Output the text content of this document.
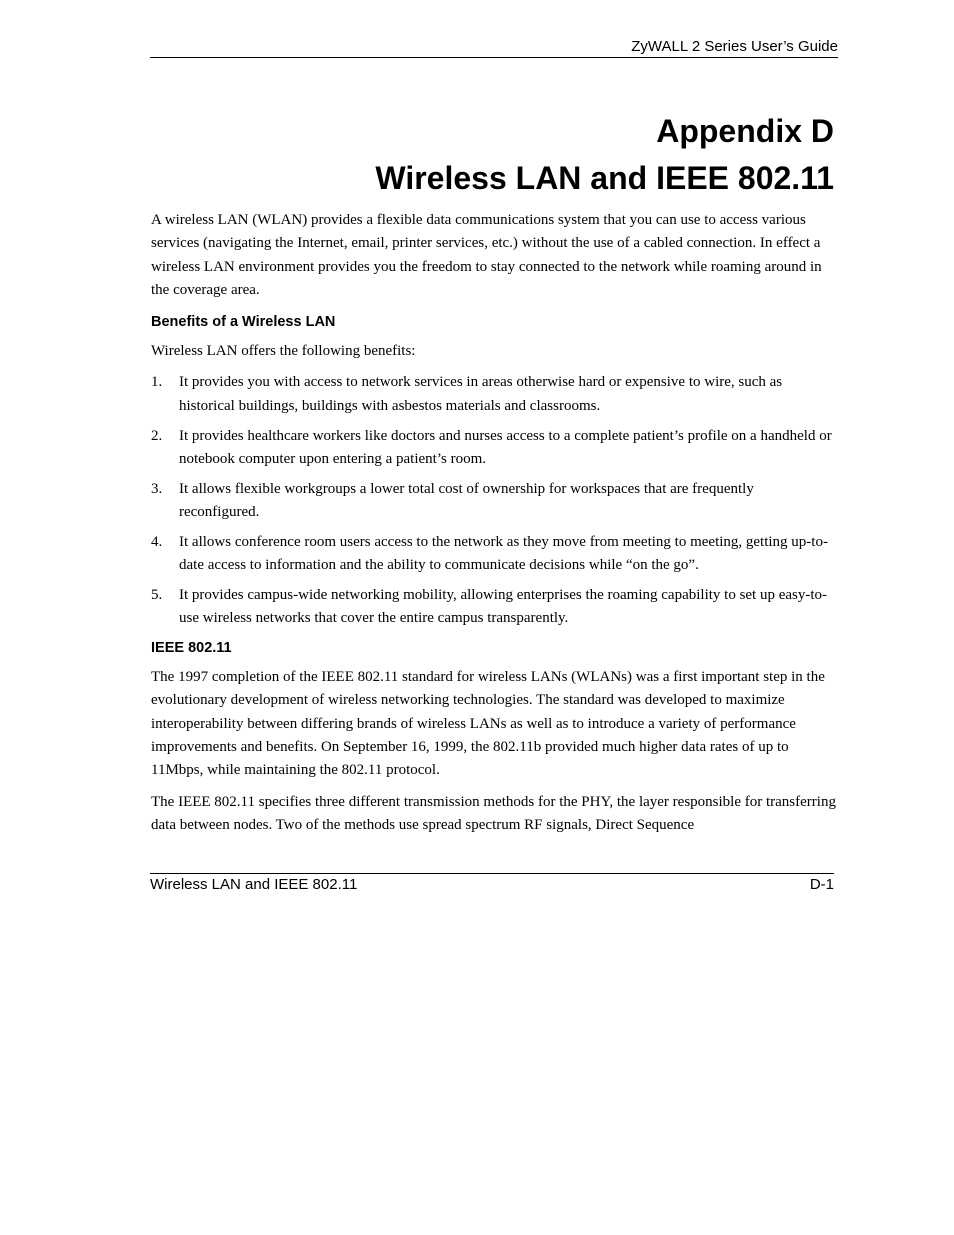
ZyWALL 2 Series User’s Guide
Appendix D
Wireless LAN and IEEE 802.11

A wireless LAN (WLAN) provides a flexible data communications system that you can use to access various services (navigating the Internet, email, printer services, etc.) without the use of a cabled connection. In effect a wireless LAN environment provides you the freedom to stay connected to the network while roaming around in the coverage area.

Benefits of a Wireless LAN

Wireless LAN offers the following benefits:

1. It provides you with access to network services in areas otherwise hard or expensive to wire, such as historical buildings, buildings with asbestos materials and classrooms.
2. It provides healthcare workers like doctors and nurses access to a complete patient’s profile on a handheld or notebook computer upon entering a patient’s room.
3. It allows flexible workgroups a lower total cost of ownership for workspaces that are frequently reconfigured.
4. It allows conference room users access to the network as they move from meeting to meeting, getting up-to-date access to information and the ability to communicate decisions while “on the go”.
5. It provides campus-wide networking mobility, allowing enterprises the roaming capability to set up easy-to-use wireless networks that cover the entire campus transparently.
IEEE 802.11

The 1997 completion of the IEEE 802.11 standard for wireless LANs (WLANs) was a first important step in the evolutionary development of wireless networking technologies. The standard was developed to maximize interoperability between differing brands of wireless LANs as well as to introduce a variety of performance improvements and benefits. On September 16, 1999, the 802.11b provided much higher data rates of up to 11Mbps, while maintaining the 802.11 protocol.

The IEEE 802.11 specifies three different transmission methods for the PHY, the layer responsible for transferring data between nodes. Two of the methods use spread spectrum RF signals, Direct Sequence

Wireless LAN and IEEE 802.11	D-1
